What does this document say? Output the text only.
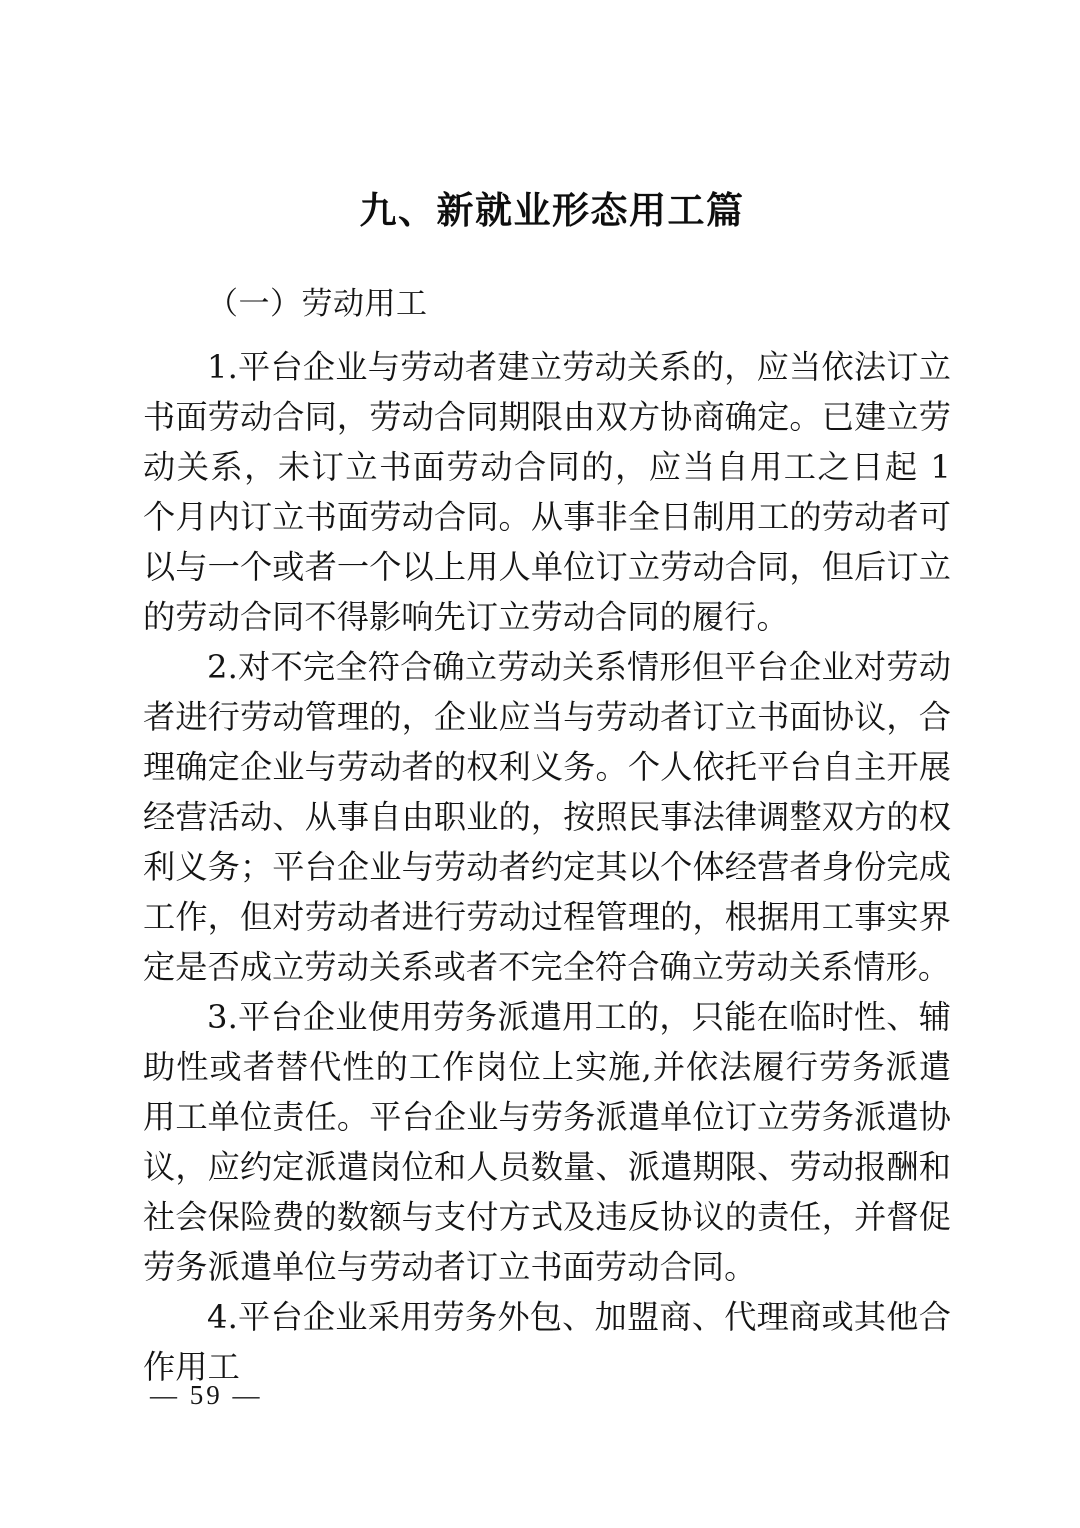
九、新就业形态用工篇
（一）劳动用工

1.平台企业与劳动者建立劳动关系的，应当依法订立书面劳动合同，劳动合同期限由双方协商确定。已建立劳动关系，未订立书面劳动合同的，应当自用工之日起 1 个月内订立书面劳动合同。从事非全日制用工的劳动者可以与一个或者一个以上用人单位订立劳动合同，但后订立的劳动合同不得影响先订立劳动合同的履行。

2.对不完全符合确立劳动关系情形但平台企业对劳动者进行劳动管理的，企业应当与劳动者订立书面协议，合理确定企业与劳动者的权利义务。个人依托平台自主开展经营活动、从事自由职业的，按照民事法律调整双方的权利义务；平台企业与劳动者约定其以个体经营者身份完成工作，但对劳动者进行劳动过程管理的，根据用工事实界定是否成立劳动关系或者不完全符合确立劳动关系情形。

3.平台企业使用劳务派遣用工的，只能在临时性、辅助性或者替代性的工作岗位上实施,并依法履行劳务派遣用工单位责任。平台企业与劳务派遣单位订立劳务派遣协议，应约定派遣岗位和人员数量、派遣期限、劳动报酬和社会保险费的数额与支付方式及违反协议的责任，并督促劳务派遣单位与劳动者订立书面劳动合同。

4.平台企业采用劳务外包、加盟商、代理商或其他合作用工

— 59 —
